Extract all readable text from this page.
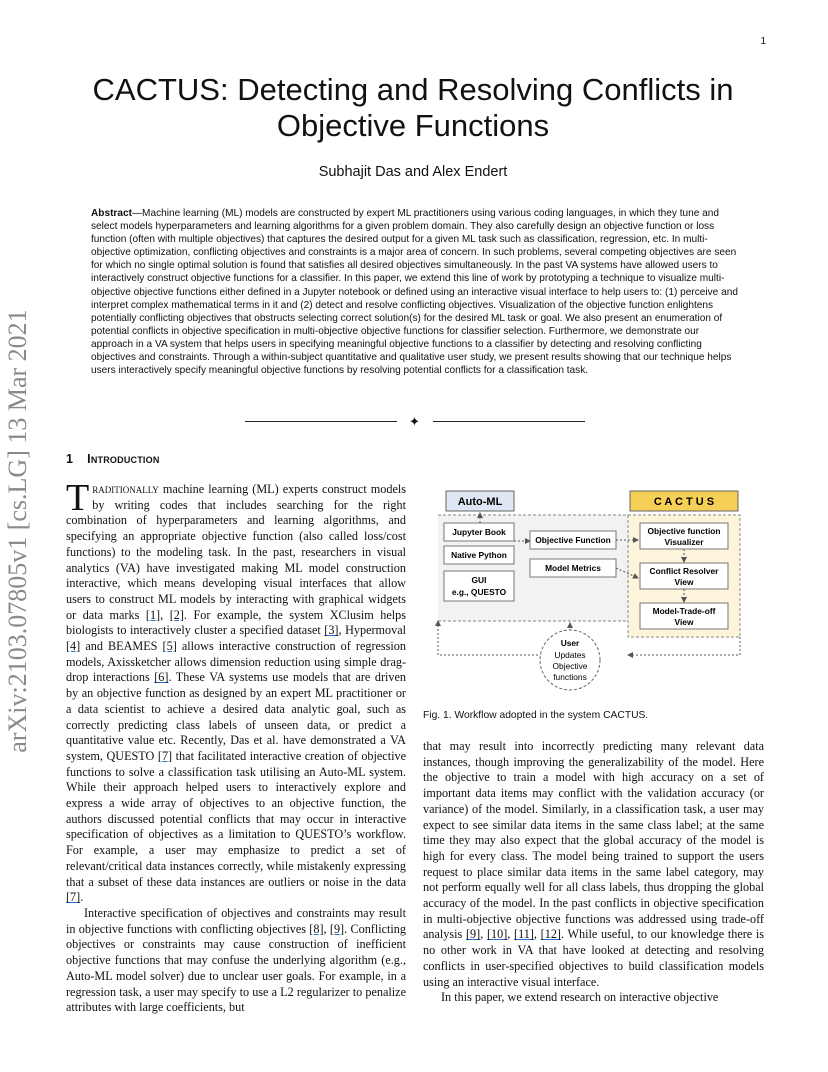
1
arXiv:2103.07805v1 [cs.LG] 13 Mar 2021
CACTUS: Detecting and Resolving Conflicts in Objective Functions
Subhajit Das and Alex Endert

Abstract—Machine learning (ML) models are constructed by expert ML practitioners using various coding languages, in which they tune and select models hyperparameters and learning algorithms for a given problem domain. They also carefully design an objective function or loss function (often with multiple objectives) that captures the desired output for a given ML task such as classification, regression, etc. In multi-objective optimization, conflicting objectives and constraints is a major area of concern. In such problems, several competing objectives are seen for which no single optimal solution is found that satisfies all desired objectives simultaneously. In the past VA systems have allowed users to interactively construct objective functions for a classifier. In this paper, we extend this line of work by prototyping a technique to visualize multi-objective objective functions either defined in a Jupyter notebook or defined using an interactive visual interface to help users to: (1) perceive and interpret complex mathematical terms in it and (2) detect and resolve conflicting objectives. Visualization of the objective function enlightens potentially conflicting objectives that obstructs selecting correct solution(s) for the desired ML task or goal. We also present an enumeration of potential conflicts in objective specification in multi-objective objective functions for classifier selection. Furthermore, we demonstrate our approach in a VA system that helps users in specifying meaningful objective functions to a classifier by detecting and resolving conflicting objectives and constraints. Through a within-subject quantitative and qualitative user study, we present results showing that our technique helps users interactively specify meaningful objective functions by resolving potential conflicts for a classification task.

✦
1 Introduction

Traditionally machine learning (ML) experts construct models by writing codes that includes searching for the right combination of hyperparameters and learning algorithms, and specifying an appropriate objective function (also called loss/cost functions) to the modeling task. In the past, researchers in visual analytics (VA) have investigated making ML model construction interactive, which means developing visual interfaces that allow users to construct ML models by interacting with graphical widgets or data marks [1], [2]. For example, the system XClusim helps biologists to interactively cluster a specified dataset [3], Hypermoval [4] and BEAMES [5] allows interactive construction of regression models, Axissketcher allows dimension reduction using simple drag-drop interactions [6]. These VA systems use models that are driven by an objective function as designed by an expert ML practitioner or a data scientist to achieve a desired data analytic goal, such as correctly predicting class labels of unseen data, or predict a quantitative value etc. Recently, Das et al. have demonstrated a VA system, QUESTO [7] that facilitated interactive creation of objective functions to solve a classification task utilising an Auto-ML system. While their approach helped users to interactively explore and express a wide array of objectives to an objective function, the authors discussed potential conflicts that may occur in interactive specification of objectives as a limitation to QUESTO’s workflow. For example, a user may emphasize to predict a set of relevant/critical data instances correctly, while mistakenly expressing that a subset of these data instances are outliers or noise in the data [7].

Interactive specification of objectives and constraints may result in objective functions with conflicting objectives [8], [9]. Conflicting objectives or constraints may cause construction of inefficient objective functions that may confuse the underlying algorithm (e.g., Auto-ML model solver) due to unclear user goals. For example, in a regression task, a user may specify to use a L2 regularizer to penalize attributes with large coefficients, but

Auto-ML	C A C T U S
Jupyter Book
Native Python
GUI
e.g., QUESTO
Objective Function
Model Metrics
Objective function
Visualizer
Conflict Resolver
View
Model-Trade-off
View
User
Updates
Objective
functions
Fig. 1. Workflow adopted in the system CACTUS.

that may result into incorrectly predicting many relevant data instances, though improving the generalizability of the model. Here the objective to train a model with high accuracy on a set of important data items may conflict with the validation accuracy (or variance) of the model. Similarly, in a classification task, a user may expect to see similar data items in the same class label; at the same time they may also expect that the global accuracy of the model is high for every class. The model being trained to support the users request to place similar data items in the same label category, may not perform equally well for all class labels, thus dropping the global accuracy of the model. In the past conflicts in objective specification in multi-objective objective functions was addressed using trade-off analysis [9], [10], [11], [12]. While useful, to our knowledge there is no other work in VA that have looked at detecting and resolving conflicts in user-specified objectives to build classification models using an interactive visual interface.

In this paper, we extend research on interactive objective
